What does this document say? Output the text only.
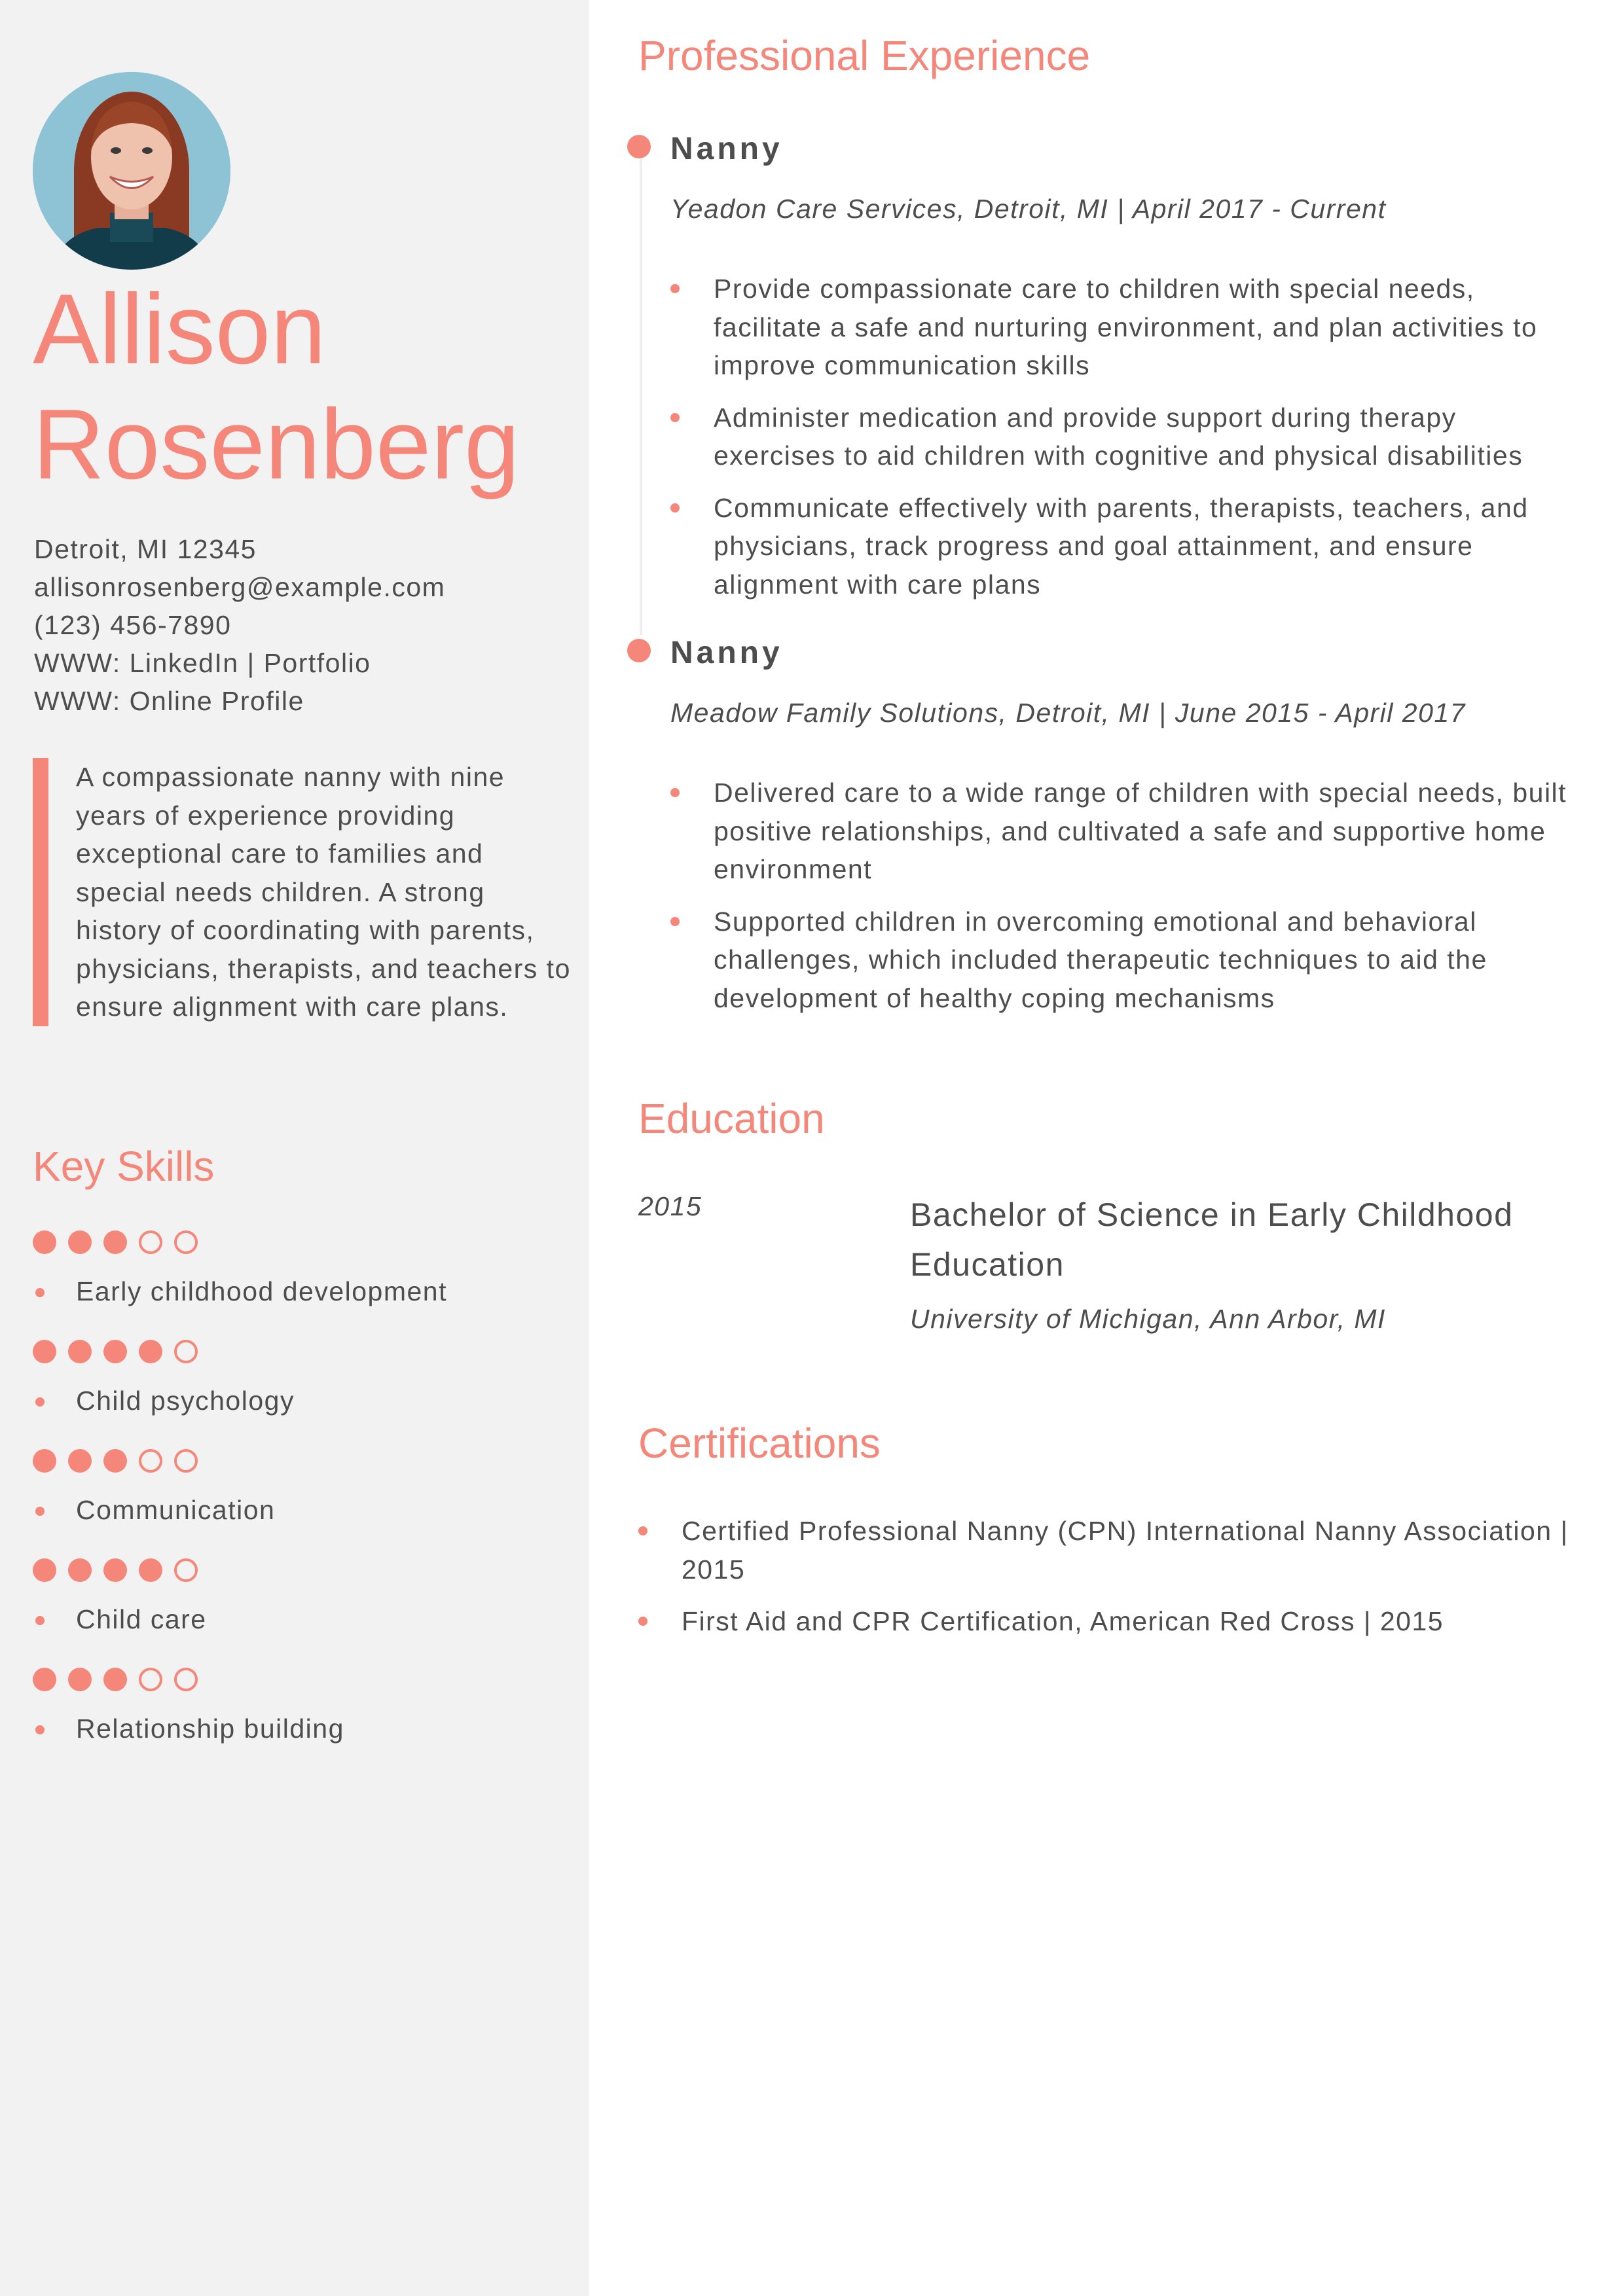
Allison
Rosenberg
Detroit, MI 12345
allisonrosenberg@example.com
(123) 456-7890
WWW: LinkedIn | Portfolio
WWW: Online Profile
A compassionate nanny with nine years of experience providing exceptional care to families and special needs children. A strong history of coordinating with parents, physicians, therapists, and teachers to ensure alignment with care plans.
Key Skills
Early childhood development
Child psychology
Communication
Child care
Relationship building
Professional Experience
Nanny
Yeadon Care Services, Detroit, MI | April 2017 - Current
Provide compassionate care to children with special needs, facilitate a safe and nurturing environment, and plan activities to improve communication skills
Administer medication and provide support during therapy exercises to aid children with cognitive and physical disabilities
Communicate effectively with parents, therapists, teachers, and physicians, track progress and goal attainment, and ensure alignment with care plans
Nanny
Meadow Family Solutions, Detroit, MI | June 2015 - April 2017
Delivered care to a wide range of children with special needs, built positive relationships, and cultivated a safe and supportive home environment
Supported children in overcoming emotional and behavioral challenges, which included therapeutic techniques to aid the development of healthy coping mechanisms
Education
2015	Bachelor of Science in Early Childhood Education
University of Michigan, Ann Arbor, MI
Certifications
Certified Professional Nanny (CPN) International Nanny Association | 2015
First Aid and CPR Certification, American Red Cross | 2015
